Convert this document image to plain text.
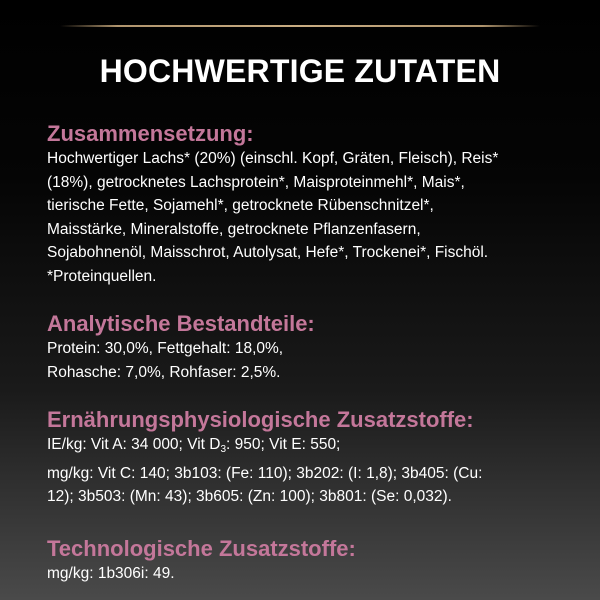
HOCHWERTIGE ZUTATEN
Zusammensetzung:
Hochwertiger Lachs* (20%) (einschl. Kopf, Gräten, Fleisch), Reis*
(18%), getrocknetes Lachsprotein*, Maisproteinmehl*, Mais*,
tierische Fette, Sojamehl*, getrocknete Rübenschnitzel*,
Maisstärke, Mineralstoffe, getrocknete Pflanzenfasern,
Sojabohnenöl, Maisschrot, Autolysat, Hefe*, Trockenei*, Fischöl.
*Proteinquellen.
Analytische Bestandteile:
Protein: 30,0%, Fettgehalt: 18,0%,
Rohasche: 7,0%, Rohfaser: 2,5%.
Ernährungsphysiologische Zusatzstoffe:
IE/kg: Vit A: 34 000; Vit $D_3$: 950; Vit E: 550;
mg/kg: Vit C: 140; 3b103: (Fe: 110); 3b202: (I: 1,8); 3b405: (Cu:
12); 3b503: (Mn: 43); 3b605: (Zn: 100); 3b801: (Se: 0,032).
Technologische Zusatzstoffe:
mg/kg: 1b306i: 49.
